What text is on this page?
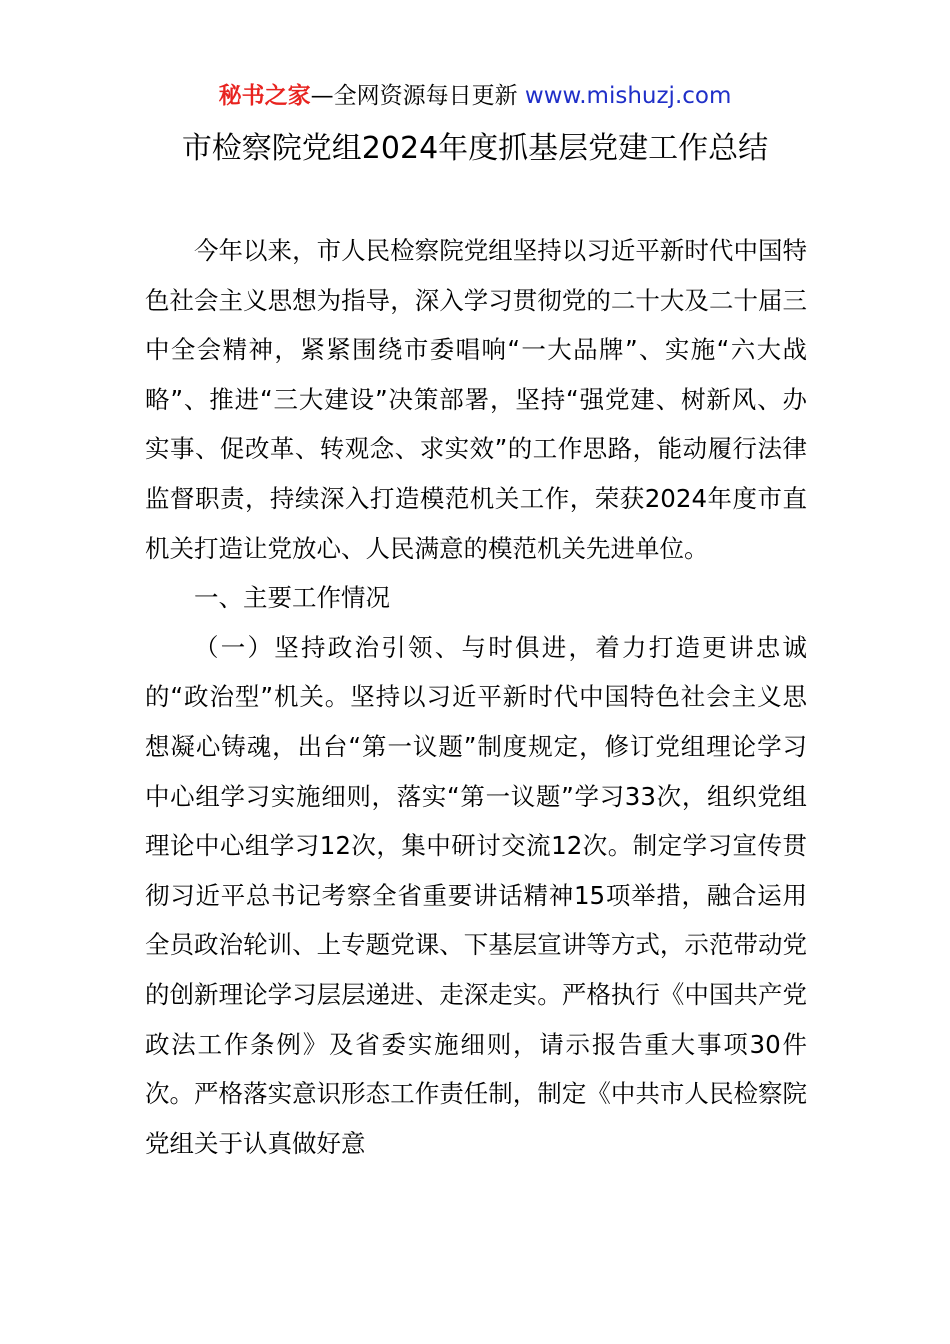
秘书之家—全网资源每日更新 www.mishuzj.com
市检察院党组2024年度抓基层党建工作总结

今年以来，市人民检察院党组坚持以习近平新时代中国特色社会主义思想为指导，深入学习贯彻党的二十大及二十届三中全会精神，紧紧围绕市委唱响“一大品牌”、实施“六大战略”、推进“三大建设”决策部署，坚持“强党建、树新风、办实事、促改革、转观念、求实效”的工作思路，能动履行法律监督职责，持续深入打造模范机关工作，荣获2024年度市直机关打造让党放心、人民满意的模范机关先进单位。

一、主要工作情况

（一）坚持政治引领、与时俱进，着力打造更讲忠诚的“政治型”机关。坚持以习近平新时代中国特色社会主义思想凝心铸魂，出台“第一议题”制度规定，修订党组理论学习中心组学习实施细则，落实“第一议题”学习33次，组织党组理论中心组学习12次，集中研讨交流12次。制定学习宣传贯彻习近平总书记考察全省重要讲话精神15项举措，融合运用全员政治轮训、上专题党课、下基层宣讲等方式，示范带动党的创新理论学习层层递进、走深走实。严格执行《中国共产党政法工作条例》及省委实施细则，请示报告重大事项30件次。严格落实意识形态工作责任制，制定《中共市人民检察院党组关于认真做好意
